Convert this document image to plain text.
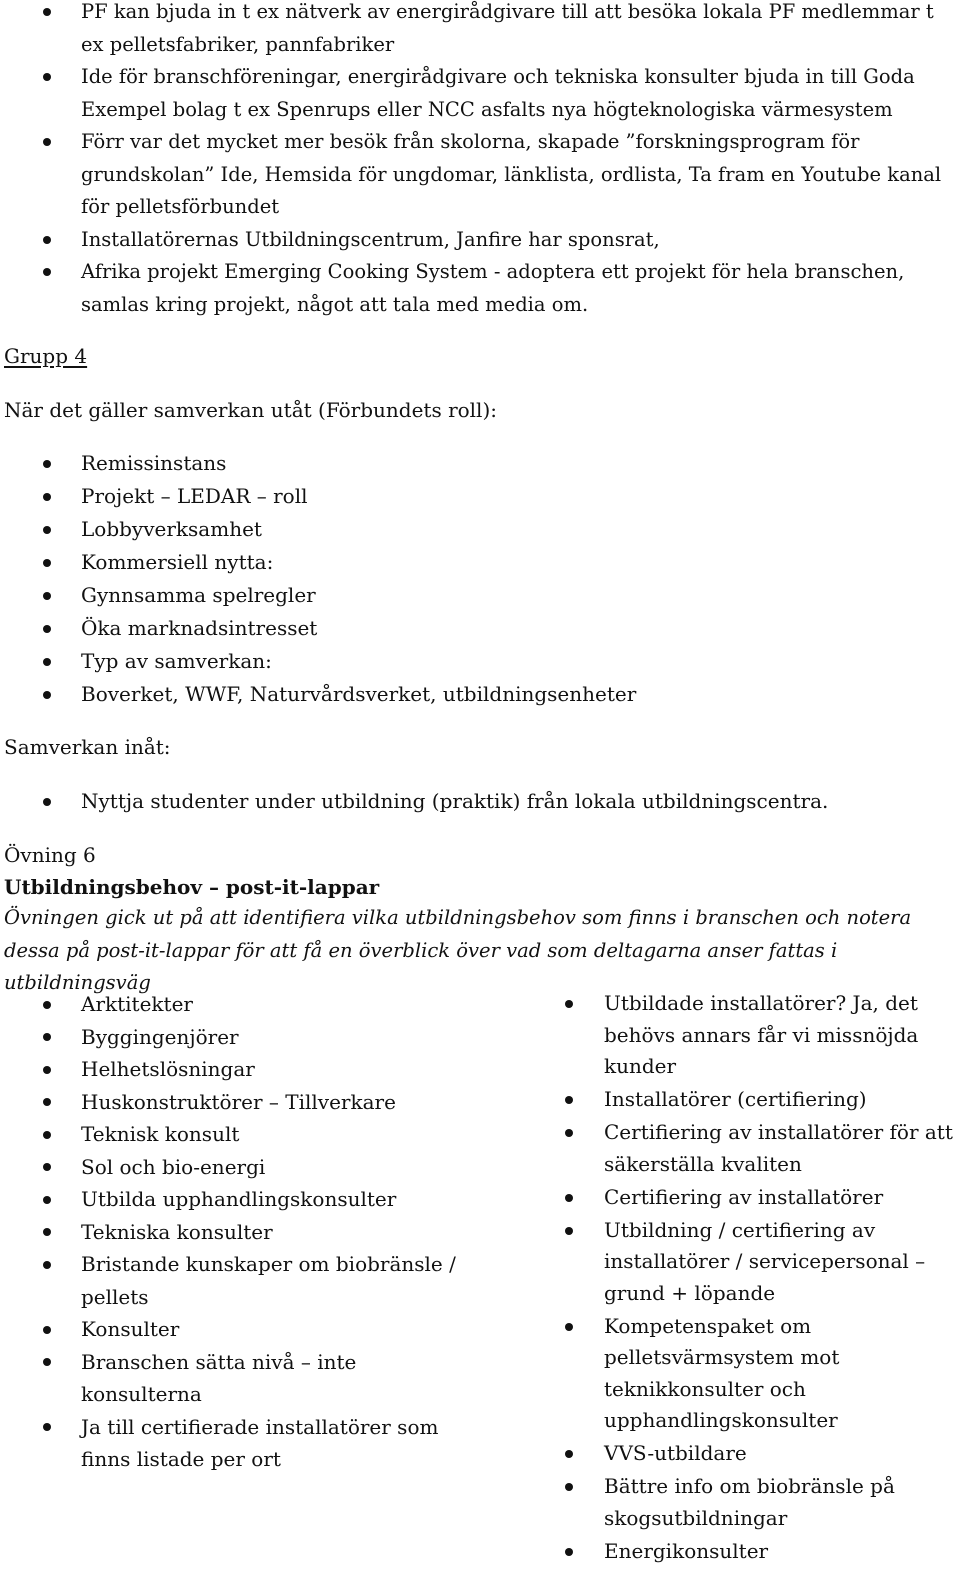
PF kan bjuda in t ex nätverk av energirådgivare till att besöka lokala PF medlemmar t ex pelletsfabriker, pannfabriker
Ide för branschföreningar, energirådgivare och tekniska konsulter bjuda in till Goda Exempel bolag t ex Spenrups eller NCC asfalts nya högteknologiska värmesystem
Förr var det mycket mer besök från skolorna, skapade ”forskningsprogram för grundskolan” Ide, Hemsida för ungdomar, länklista, ordlista, Ta fram en Youtube kanal för pelletsförbundet
Installatörernas Utbildningscentrum, Janfire har sponsrat,
Afrika projekt Emerging Cooking System - adoptera ett projekt för hela branschen, samlas kring projekt, något att tala med media om.
Grupp 4
När det gäller samverkan utåt (Förbundets roll):
Remissinstans
Projekt – LEDAR – roll
Lobbyverksamhet
Kommersiell nytta:
Gynnsamma spelregler
Öka marknadsintresset
Typ av samverkan:
Boverket, WWF, Naturvårdsverket, utbildningsenheter
Samverkan inåt:
Nyttja studenter under utbildning (praktik) från lokala utbildningscentra.
Övning 6
Utbildningsbehov – post-it-lappar
Övningen gick ut på att identifiera vilka utbildningsbehov som finns i branschen och notera dessa på post-it-lappar för att få en överblick över vad som deltagarna anser fattas i utbildningsväg
Arktitekter
Byggingenjörer
Helhetslösningar
Huskonstruktörer – Tillverkare
Teknisk konsult
Sol och bio-energi
Utbilda upphandlingskonsulter
Tekniska konsulter
Bristande kunskaper om biobränsle / pellets
Konsulter
Branschen sätta nivå – inte konsulterna
Ja till certifierade installatörer som finns listade per ort
Utbildade installatörer? Ja, det behövs annars får vi missnöjda kunder
Installatörer (certifiering)
Certifiering av installatörer för att säkerställa kvaliten
Certifiering av installatörer
Utbildning / certifiering av installatörer / servicepersonal – grund + löpande
Kompetenspaket om pelletsvärmsystem mot teknikkonsulter och upphandlingskonsulter
VVS-utbildare
Bättre info om biobränsle på skogsutbildningar
Energikonsulter
